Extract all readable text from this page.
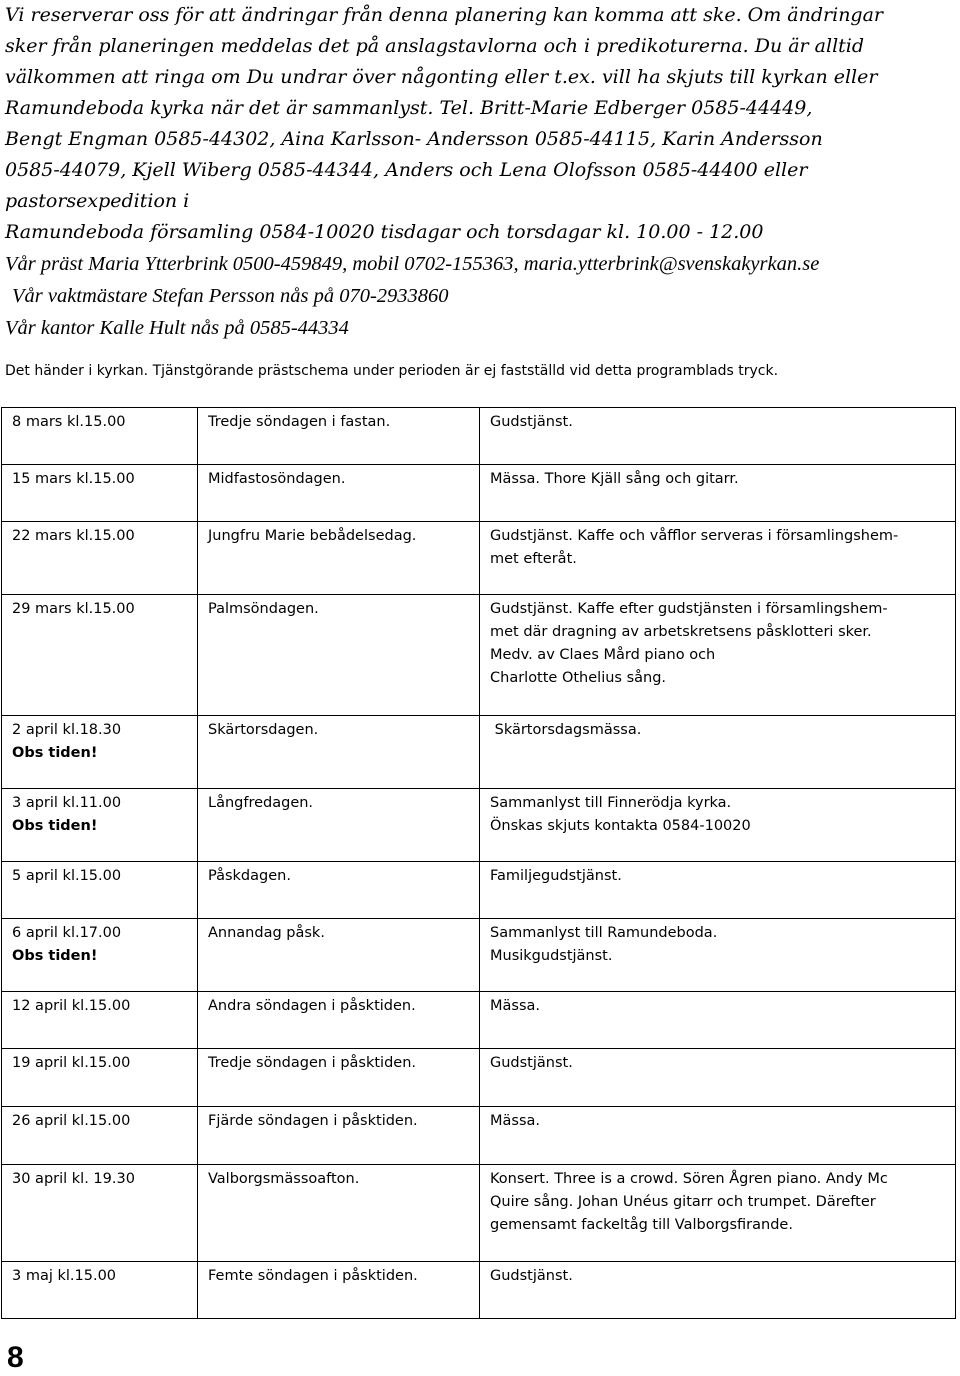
Vi reserverar oss för att ändringar från denna planering kan komma att ske. Om ändringar

sker från planeringen meddelas det på anslagstavlorna och i predikoturerna. Du är alltid

välkommen att ringa om Du undrar över någonting eller t.ex. vill ha skjuts till kyrkan eller

Ramundeboda kyrka när det är sammanlyst. Tel. Britt-Marie Edberger 0585-44449,

Bengt Engman 0585-44302, Aina Karlsson- Andersson 0585-44115, Karin Andersson

0585-44079, Kjell Wiberg 0585-44344, Anders och Lena Olofsson 0585-44400 eller pastorsexpedition i

Ramundeboda församling 0584-10020 tisdagar och torsdagar kl. 10.00 - 12.00

Vår präst Maria Ytterbrink 0500-459849, mobil 0702-155363, maria.ytterbrink@svenskakyrkan.se

Vår vaktmästare Stefan Persson nås på 070-2933860

Vår kantor Kalle Hult nås på 0585-44334

Det händer i kyrkan. Tjänstgörande prästschema under perioden är ej fastställd vid detta programblads tryck.
8 mars kl.15.00	Tredje söndagen i fastan.	Gudstjänst.

15 mars kl.15.00	Midfastosöndagen.	Mässa. Thore Kjäll sång och gitarr.

22 mars kl.15.00	Jungfru Marie bebådelsedag.	Gudstjänst. Kaffe och våfflor serveras i församlingshem-
met efteråt.

29 mars kl.15.00	Palmsöndagen.	Gudstjänst. Kaffe efter gudstjänsten i församlingshem-
met där dragning av arbetskretsens påsklotteri sker.
Medv. av Claes Mård piano och
Charlotte Othelius sång.

2 april kl.18.30
Obs tiden!	Skärtorsdagen.	Skärtorsdagsmässa.

3 april kl.11.00
Obs tiden!	Långfredagen.	Sammanlyst till Finnerödja kyrka.
Önskas skjuts kontakta 0584-10020

5 april kl.15.00	Påskdagen.	Familjegudstjänst.

6 april kl.17.00
Obs tiden!	Annandag påsk.	Sammanlyst till Ramundeboda.
Musikgudstjänst.

12 april kl.15.00	Andra söndagen i påsktiden.	Mässa.

19 april kl.15.00	Tredje söndagen i påsktiden.	Gudstjänst.

26 april kl.15.00	Fjärde söndagen i påsktiden.	Mässa.

30 april kl. 19.30	Valborgsmässoafton.	Konsert. Three is a crowd. Sören Ågren piano. Andy Mc
Quire sång. Johan Unéus gitarr och trumpet. Därefter
gemensamt fackeltåg till Valborgsfirande.

3 maj kl.15.00	Femte söndagen i påsktiden.	Gudstjänst.
8
